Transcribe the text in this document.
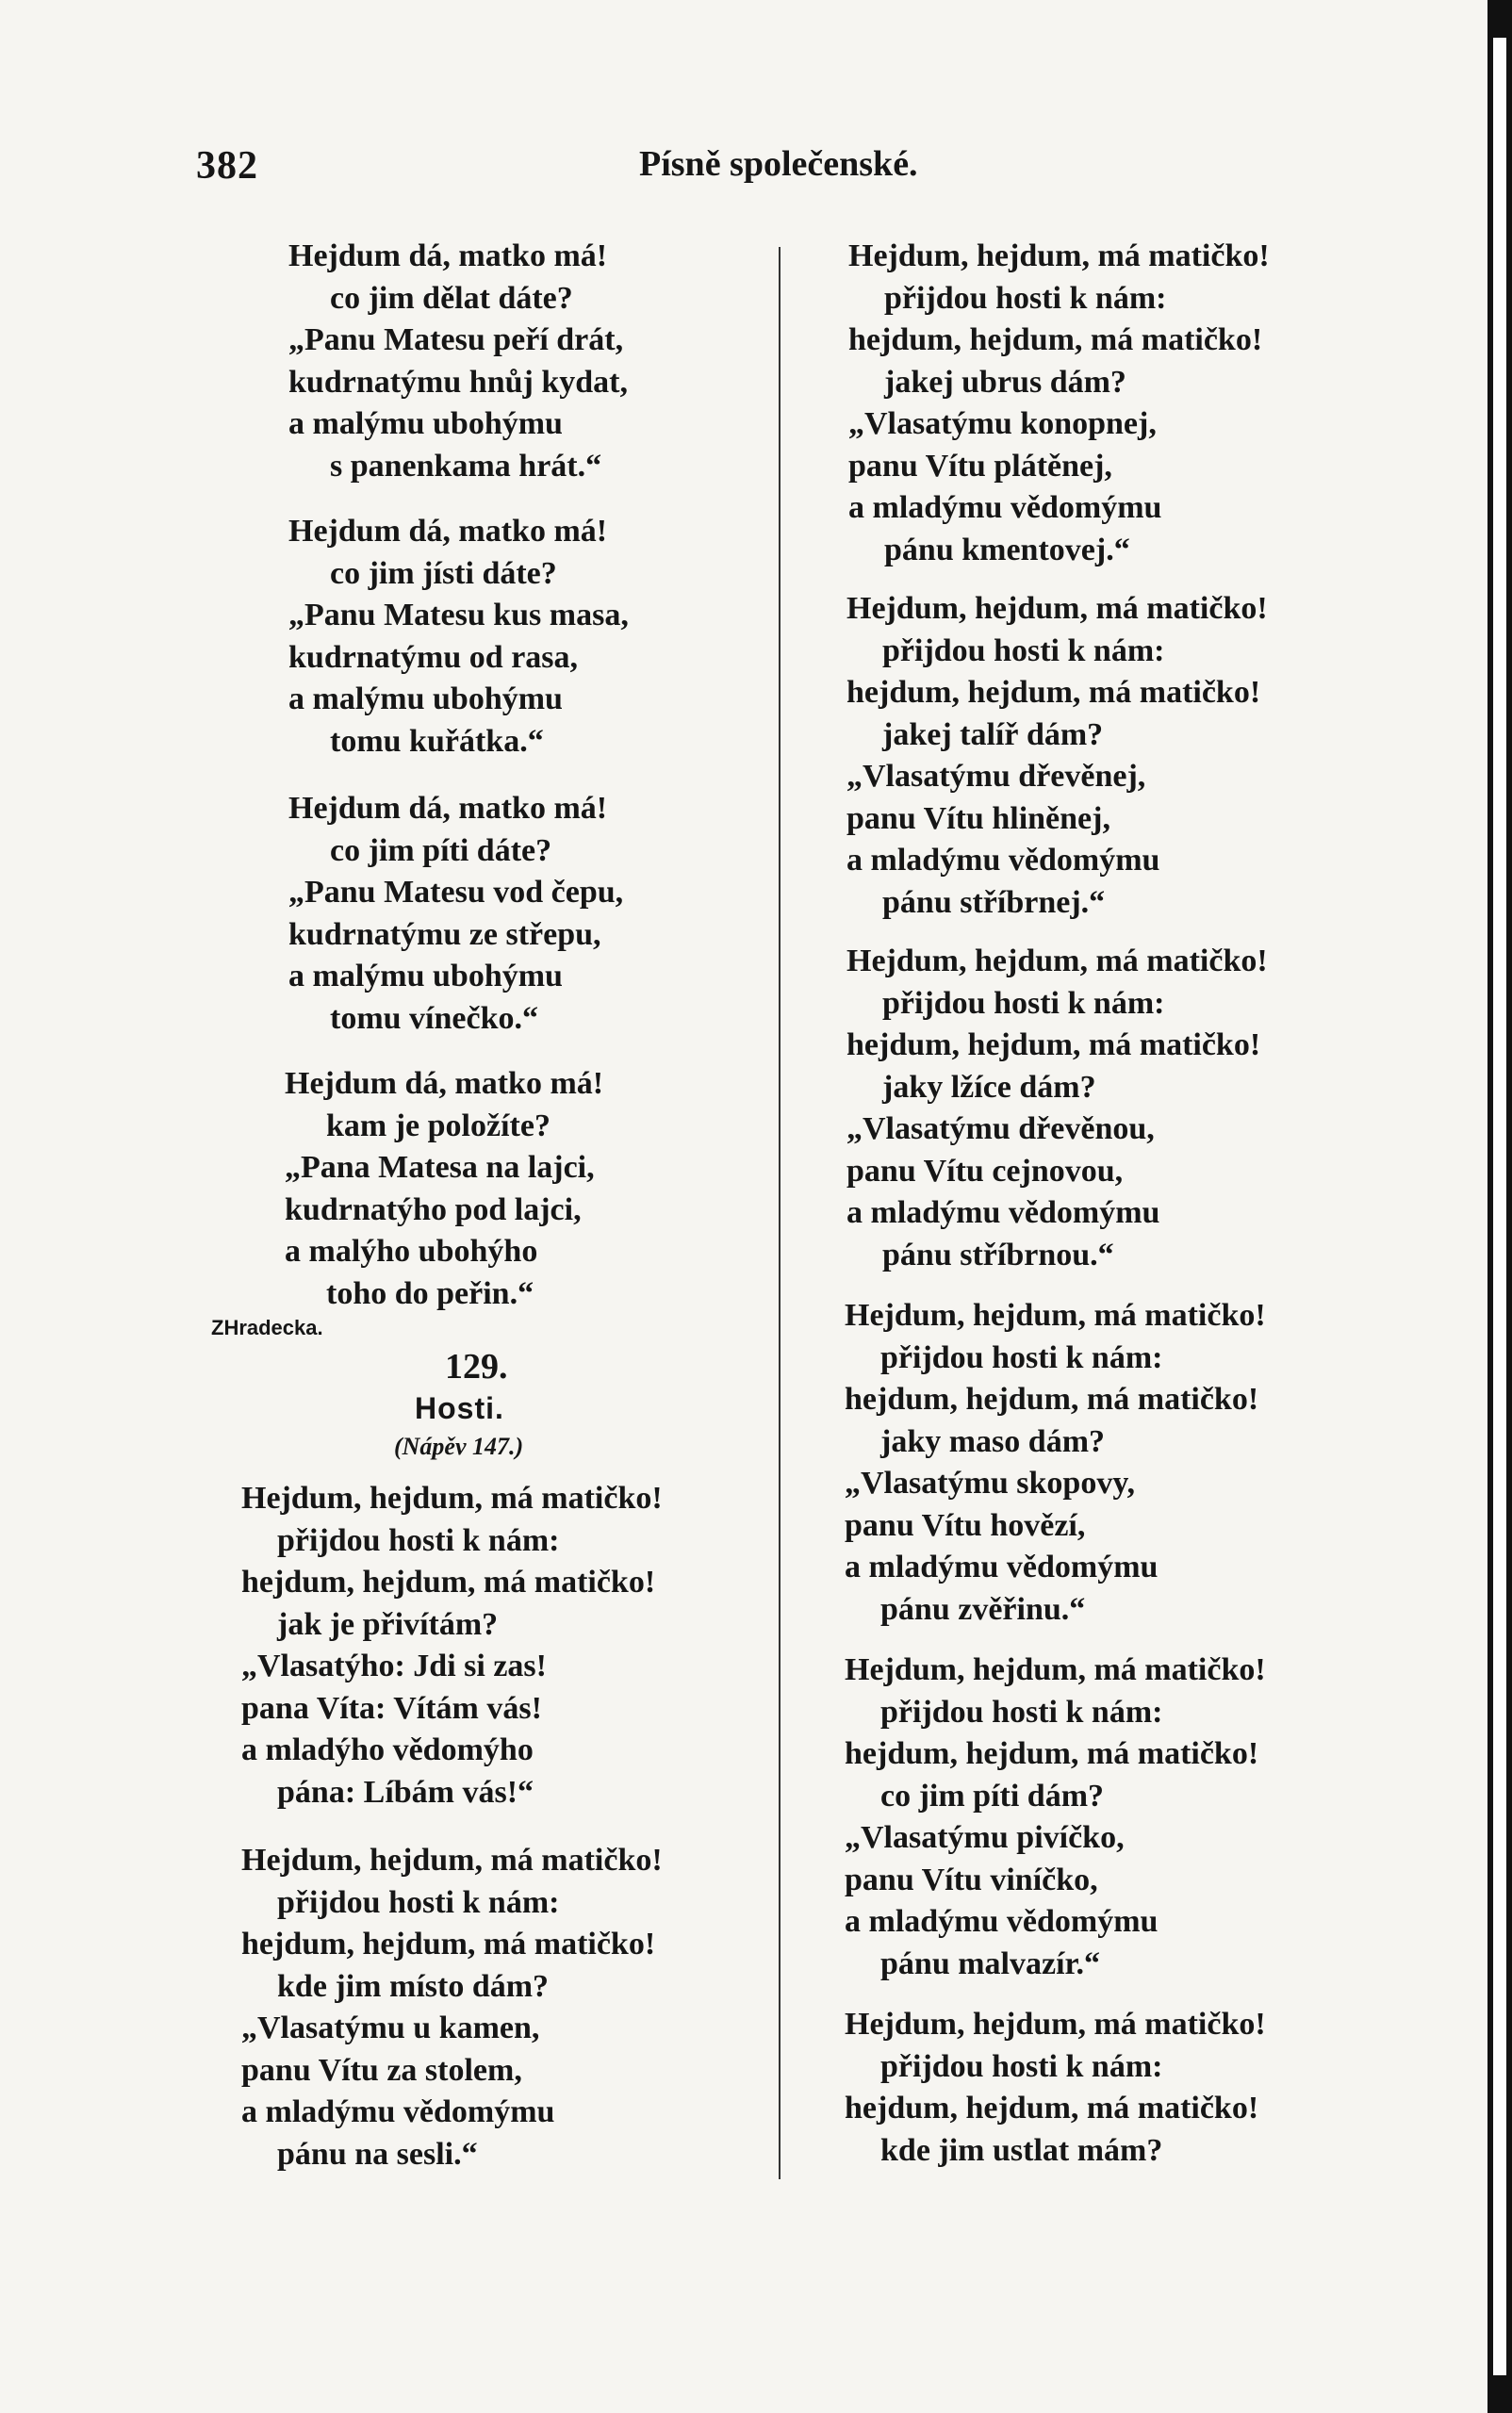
382	Písně společenské.
Hejdum dá, matko má!
co jim dělat dáte?
„Panu Matesu peří drát,
kudrnatýmu hnůj kydat,
a malýmu ubohýmu
s panenkama hrát.“
Hejdum dá, matko má!
co jim jísti dáte?
„Panu Matesu kus masa,
kudrnatýmu od rasa,
a malýmu ubohýmu
tomu kuřátka.“
Hejdum dá, matko má!
co jim píti dáte?
„Panu Matesu vod čepu,
kudrnatýmu ze střepu,
a malýmu ubohýmu
tomu vínečko.“
Hejdum dá, matko má!
kam je položíte?
„Pana Matesa na lajci,
kudrnatýho pod lajci,
a malýho ubohýho
toho do peřin.“
ZHradecka.
129.
Hosti.
(Nápěv 147.)
Hejdum, hejdum, má matičko!
přijdou hosti k nám:
hejdum, hejdum, má matičko!
jak je přivítám?
„Vlasatýho: Jdi si zas!
pana Víta: Vítám vás!
a mladýho vědomýho
pána: Líbám vás!“
Hejdum, hejdum, má matičko!
přijdou hosti k nám:
hejdum, hejdum, má matičko!
kde jim místo dám?
„Vlasatýmu u kamen,
panu Vítu za stolem,
a mladýmu vědomýmu
pánu na sesli.“
Hejdum, hejdum, má matičko!
přijdou hosti k nám:
hejdum, hejdum, má matičko!
jakej ubrus dám?
„Vlasatýmu konopnej,
panu Vítu plátěnej,
a mladýmu vědomýmu
pánu kmentovej.“
Hejdum, hejdum, má matičko!
přijdou hosti k nám:
hejdum, hejdum, má matičko!
jakej talíř dám?
„Vlasatýmu dřevěnej,
panu Vítu hliněnej,
a mladýmu vědomýmu
pánu stříbrnej.“
Hejdum, hejdum, má matičko!
přijdou hosti k nám:
hejdum, hejdum, má matičko!
jaky lžíce dám?
„Vlasatýmu dřevěnou,
panu Vítu cejnovou,
a mladýmu vědomýmu
pánu stříbrnou.“
Hejdum, hejdum, má matičko!
přijdou hosti k nám:
hejdum, hejdum, má matičko!
jaky maso dám?
„Vlasatýmu skopovy,
panu Vítu hovězí,
a mladýmu vědomýmu
pánu zvěřinu.“
Hejdum, hejdum, má matičko!
přijdou hosti k nám:
hejdum, hejdum, má matičko!
co jim píti dám?
„Vlasatýmu pivíčko,
panu Vítu viníčko,
a mladýmu vědomýmu
pánu malvazír.“
Hejdum, hejdum, má matičko!
přijdou hosti k nám:
hejdum, hejdum, má matičko!
kde jim ustlat mám?
